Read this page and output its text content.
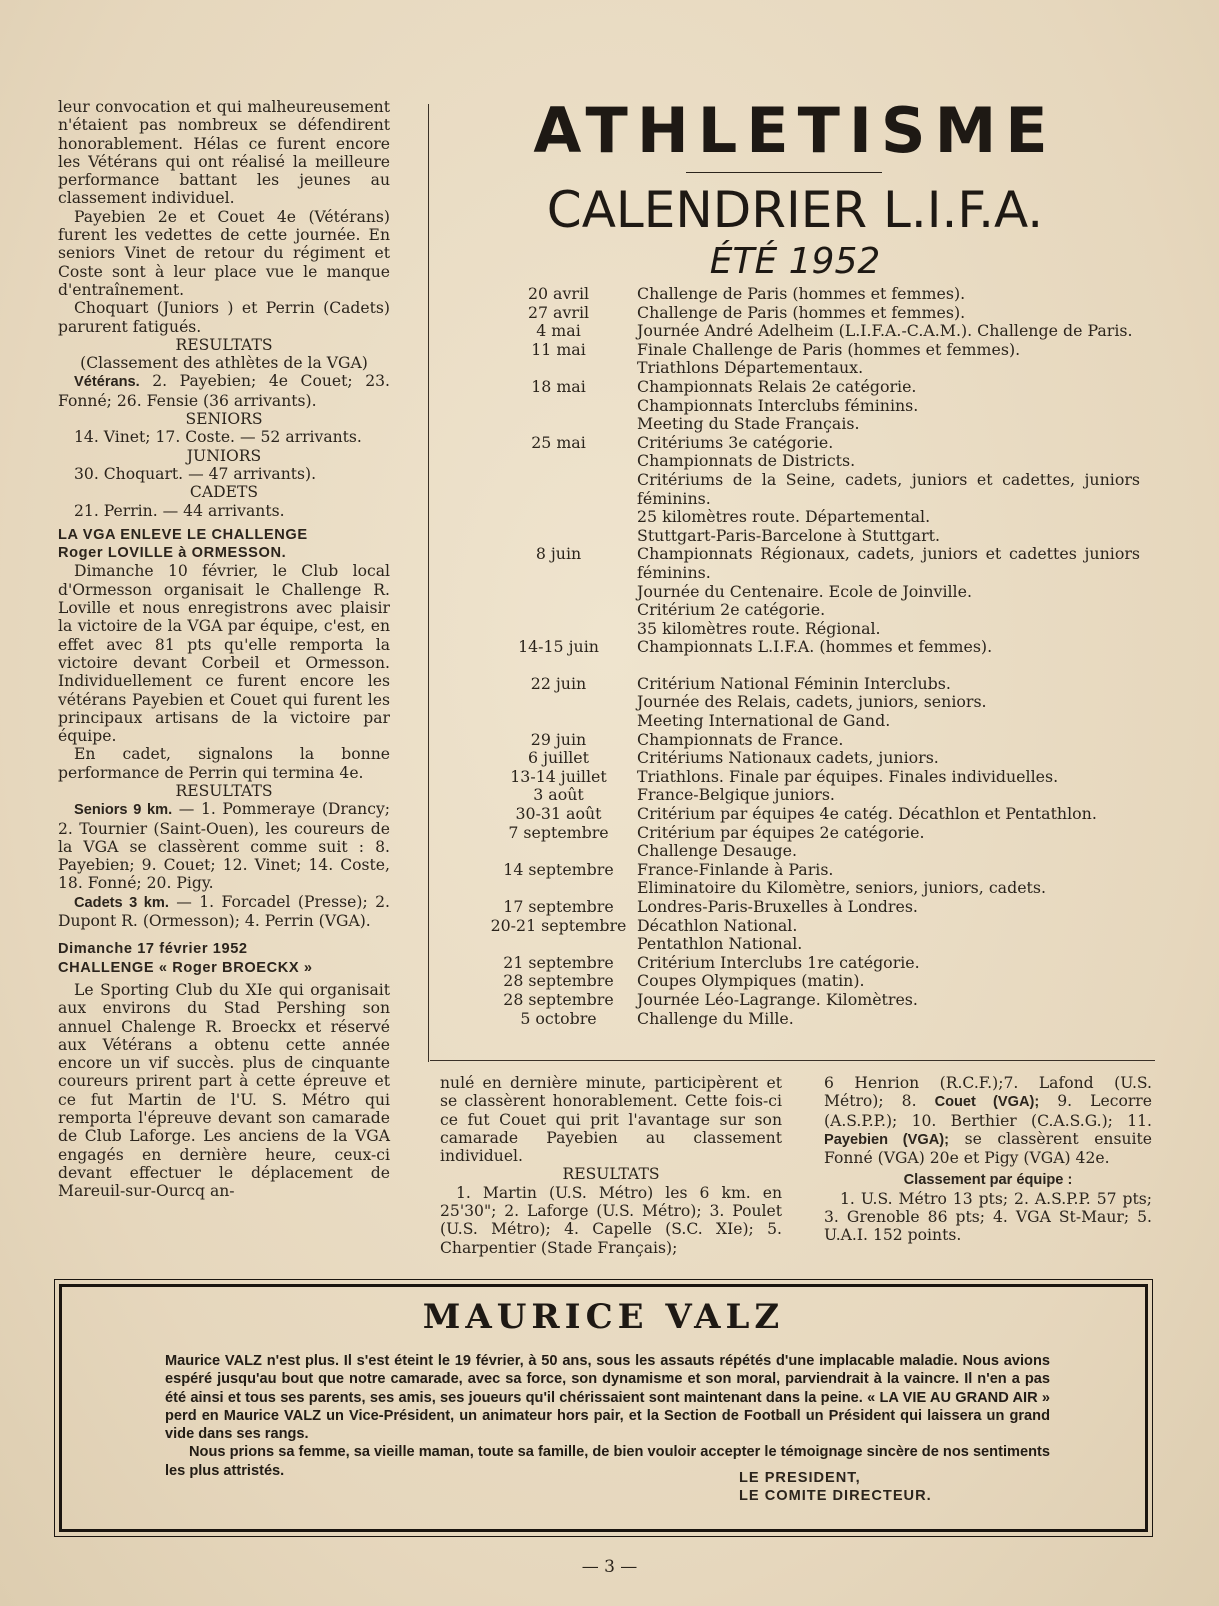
leur convocation et qui malheureusement n'étaient pas nombreux se défendirent honorablement. Hélas ce furent encore les Vétérans qui ont réalisé la meilleure performance battant les jeunes au classement individuel.

Payebien 2e et Couet 4e (Vétérans) furent les vedettes de cette journée. En seniors Vinet de retour du régiment et Coste sont à leur place vue le manque d'entraînement.

Choquart (Juniors ) et Perrin (Cadets) parurent fatigués.

RESULTATS

(Classement des athlètes de la VGA)

Vétérans. 2. Payebien; 4e Couet; 23. Fonné; 26. Fensie (36 arrivants).

SENIORS

14. Vinet; 17. Coste. — 52 arrivants.

JUNIORS

30. Choquart. — 47 arrivants).

CADETS

21. Perrin. — 44 arrivants.

LA VGA ENLEVE LE CHALLENGE

Roger LOVILLE à ORMESSON.

Dimanche 10 février, le Club local d'Ormesson organisait le Challenge R. Loville et nous enregistrons avec plaisir la victoire de la VGA par équipe, c'est, en effet avec 81 pts qu'elle remporta la victoire devant Corbeil et Ormesson. Individuellement ce furent encore les vétérans Payebien et Couet qui furent les principaux artisans de la victoire par équipe.

En cadet, signalons la bonne performance de Perrin qui termina 4e.

RESULTATS

Seniors 9 km. — 1. Pommeraye (Drancy; 2. Tournier (Saint-Ouen), les coureurs de la VGA se classèrent comme suit : 8. Payebien; 9. Couet; 12. Vinet; 14. Coste, 18. Fonné; 20. Pigy.

Cadets 3 km. — 1. Forcadel (Presse); 2. Dupont R. (Ormesson); 4. Perrin (VGA).

Dimanche 17 février 1952

CHALLENGE « Roger BROECKX »

Le Sporting Club du XIe qui organisait aux environs du Stad Pershing son annuel Chalenge R. Broeckx et réservé aux Vétérans a obtenu cette année encore un vif succès. plus de cinquante coureurs prirent part à cette épreuve et ce fut Martin de l'U. S. Métro qui remporta l'épreuve devant son camarade de Club Laforge. Les anciens de la VGA engagés en dernière heure, ceux-ci devant effectuer le déplacement de Mareuil-sur-Ourcq an-

ATHLETISME
CALENDRIER L.I.F.A.
ÉTÉ 1952
20 avril	Challenge de Paris (hommes et femmes).
27 avril	Challenge de Paris (hommes et femmes).
4 mai	Journée André Adelheim (L.I.F.A.-C.A.M.). Challenge de Paris.
11 mai	Finale Challenge de Paris (hommes et femmes).
Triathlons Départementaux.
18 mai	Championnats Relais 2e catégorie.
Championnats Interclubs féminins.
Meeting du Stade Français.
25 mai	Critériums 3e catégorie.
Championnats de Districts.
Critériums de la Seine, cadets, juniors et cadettes, juniors féminins.
25 kilomètres route. Départemental.
Stuttgart-Paris-Barcelone à Stuttgart.
8 juin	Championnats Régionaux, cadets, juniors et cadettes juniors féminins.
Journée du Centenaire. Ecole de Joinville.
Critérium 2e catégorie.
35 kilomètres route. Régional.
14-15 juin	Championnats L.I.F.A. (hommes et femmes).
22 juin	Critérium National Féminin Interclubs.
Journée des Relais, cadets, juniors, seniors.
Meeting International de Gand.
29 juin	Championnats de France.
6 juillet	Critériums Nationaux cadets, juniors.
13-14 juillet	Triathlons. Finale par équipes. Finales individuelles.
3 août	France-Belgique juniors.
30-31 août	Critérium par équipes 4e catég. Décathlon et Pentathlon.
7 septembre	Critérium par équipes 2e catégorie.
Challenge Desauge.
14 septembre	France-Finlande à Paris.
Eliminatoire du Kilomètre, seniors, juniors, cadets.
17 septembre	Londres-Paris-Bruxelles à Londres.
20-21 septembre Décathlon National.
Pentathlon National.
21 septembre	Critérium Interclubs 1re catégorie.
28 septembre	Coupes Olympiques (matin).
28 septembre	Journée Léo-Lagrange. Kilomètres.
5 octobre	Challenge du Mille.

nulé en dernière minute, participèrent et se classèrent honorablement. Cette fois-ci ce fut Couet qui prit l'avantage sur son camarade Payebien au classement individuel.

RESULTATS

1. Martin (U.S. Métro) les 6 km. en 25'30"; 2. Laforge (U.S. Métro); 3. Poulet (U.S. Métro); 4. Capelle (S.C. XIe); 5. Charpentier (Stade Français);

6 Henrion (R.C.F.);7. Lafond (U.S. Métro); 8. Couet (VGA); 9. Lecorre (A.S.P.P.); 10. Berthier (C.A.S.G.); 11. Payebien (VGA); se classèrent ensuite Fonné (VGA) 20e et Pigy (VGA) 42e.

Classement par équipe :

1. U.S. Métro 13 pts; 2. A.S.P.P. 57 pts; 3. Grenoble 86 pts; 4. VGA St-Maur; 5. U.A.I. 152 points.

MAURICE VALZ

Maurice VALZ n'est plus. Il s'est éteint le 19 février, à 50 ans, sous les assauts répétés d'une implacable maladie. Nous avions espéré jusqu'au bout que notre camarade, avec sa force, son dynamisme et son moral, parviendrait à la vaincre. Il n'en a pas été ainsi et tous ses parents, ses amis, ses joueurs qu'il chérissaient sont maintenant dans la peine. « LA VIE AU GRAND AIR » perd en Maurice VALZ un Vice-Président, un animateur hors pair, et la Section de Football un Président qui laissera un grand vide dans ses rangs.

Nous prions sa femme, sa vieille maman, toute sa famille, de bien vouloir accepter le témoignage sincère de nos sentiments les plus attristés.	LE PRESIDENT,
LE COMITE DIRECTEUR.
— 3 —
